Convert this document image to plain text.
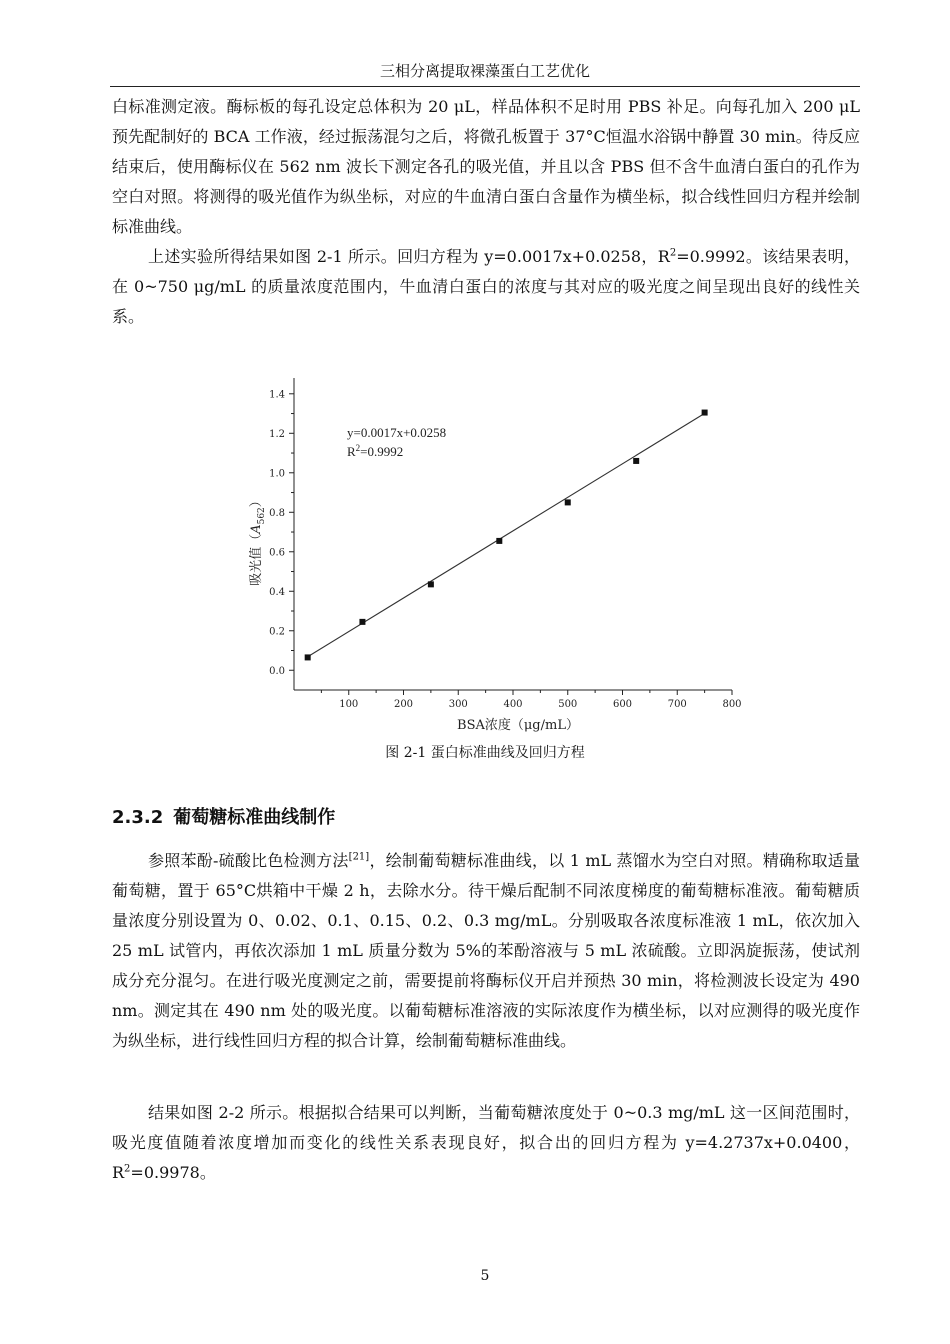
三相分离提取裸藻蛋白工艺优化

白标准测定液。酶标板的每孔设定总体积为 20 μL，样品体积不足时用 PBS 补足。向每孔加入 200 μL 预先配制好的 BCA 工作液，经过振荡混匀之后，将微孔板置于 37°C恒温水浴锅中静置 30 min。待反应结束后，使用酶标仪在 562 nm 波长下测定各孔的吸光值，并且以含 PBS 但不含牛血清白蛋白的孔作为空白对照。将测得的吸光值作为纵坐标，对应的牛血清白蛋白含量作为横坐标，拟合线性回归方程并绘制标准曲线。

上述实验所得结果如图 2-1 所示。回归方程为 y=0.0017x+0.0258，$R^2=0.9992$。该结果表明，在 0~750 μg/mL 的质量浓度范围内，牛血清白蛋白的浓度与其对应的吸光度之间呈现出良好的线性关系。

100	200	300	400	500	600	700	800
0.0
0.2
0.4
0.6
0.8
1.0
1.2
1.4
y=0.0017x+0.0258
$R^2=0.9992$
BSA浓度（μg/mL）
吸光值$(A_{562})$
图 2-1 蛋白标准曲线及回归方程
2.3.2 葡萄糖标准曲线制作

参照苯酚-硫酸比色检测方法[21]，绘制葡萄糖标准曲线，以 1 mL 蒸馏水为空白对照。精确称取适量葡萄糖，置于 65°C烘箱中干燥 2 h，去除水分。待干燥后配制不同浓度梯度的葡萄糖标准液。葡萄糖质量浓度分别设置为 0、0.02、0.1、0.15、0.2、0.3 mg/mL。分别吸取各浓度标准液 1 mL，依次加入 25 mL 试管内，再依次添加 1 mL 质量分数为 5%的苯酚溶液与 5 mL 浓硫酸。立即涡旋振荡，使试剂成分充分混匀。在进行吸光度测定之前，需要提前将酶标仪开启并预热 30 min，将检测波长设定为 490 nm。测定其在 490 nm 处的吸光度。以葡萄糖标准溶液的实际浓度作为横坐标，以对应测得的吸光度作为纵坐标，进行线性回归方程的拟合计算，绘制葡萄糖标准曲线。

结果如图 2-2 所示。根据拟合结果可以判断，当葡萄糖浓度处于 0~0.3 mg/mL 这一区间范围时，吸光度值随着浓度增加而变化的线性关系表现良好，拟合出的回归方程为 y=4.2737x+0.0400，$R^2=0.9978$。

5
